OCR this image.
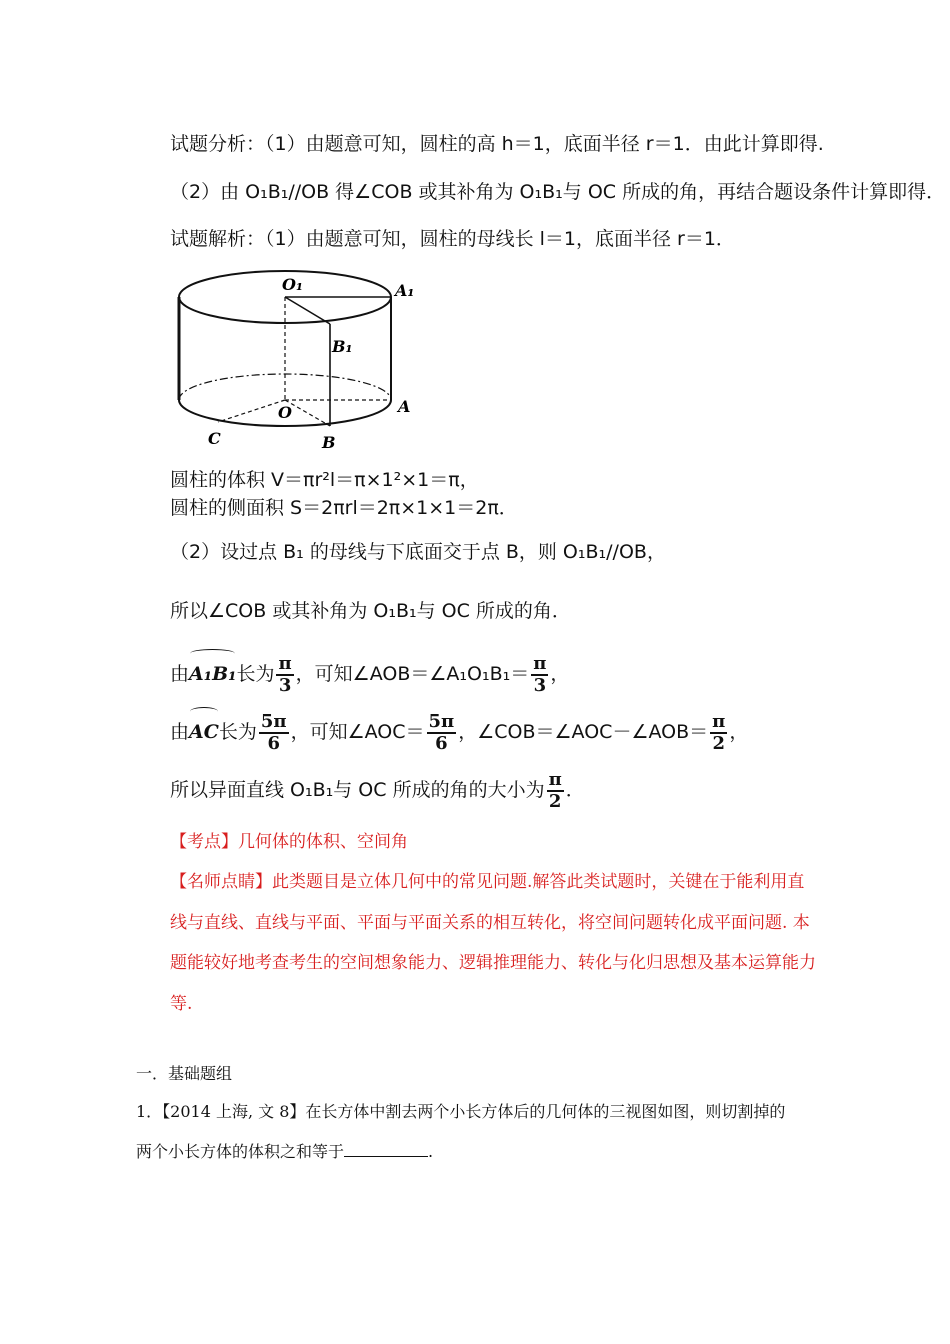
试题分析：（1）由题意可知，圆柱的高 h＝1，底面半径 r＝1．由此计算即得.
（2）由 O₁B₁//OB 得∠COB 或其补角为 O₁B₁与 OC 所成的角，再结合题设条件计算即得．
试题解析：（1）由题意可知，圆柱的母线长 l＝1，底面半径 r＝1．
O₁	A₁
B₁
O	A
B
C
圆柱的体积 V＝πr²l＝π×1²×1＝π，
圆柱的侧面积 S＝2πrl＝2π×1×1＝2π．
（2）设过点 B₁ 的母线与下底面交于点 B，则 O₁B₁//OB，
所以∠COB 或其补角为 O₁B₁与 OC 所成的角．
由A₁B₁长为 $\frac{\pi}{3}$ ，可知∠AOB＝∠A₁O₁B₁＝ $\frac{\pi}{3}$ ，
由AC长为 $\frac{5\pi}{6}$ ，可知∠AOC＝ $\frac{5\pi}{6}$ ，∠COB＝∠AOC－∠AOB＝ $\frac{\pi}{2}$ ，
所以异面直线 O₁B₁与 OC 所成的角的大小为 $\frac{\pi}{2}$ ．
【考点】几何体的体积、空间角
【名师点睛】此类题目是立体几何中的常见问题.解答此类试题时，关键在于能利用直
线与直线、直线与平面、平面与平面关系的相互转化，将空间问题转化成平面问题. 本
题能较好地考查考生的空间想象能力、逻辑推理能力、转化与化归思想及基本运算能力
等.
一．基础题组
1．【2014 上海, 文 8】在长方体中割去两个小长方体后的几何体的三视图如图，则切割掉的
两个小长方体的体积之和等于	.
